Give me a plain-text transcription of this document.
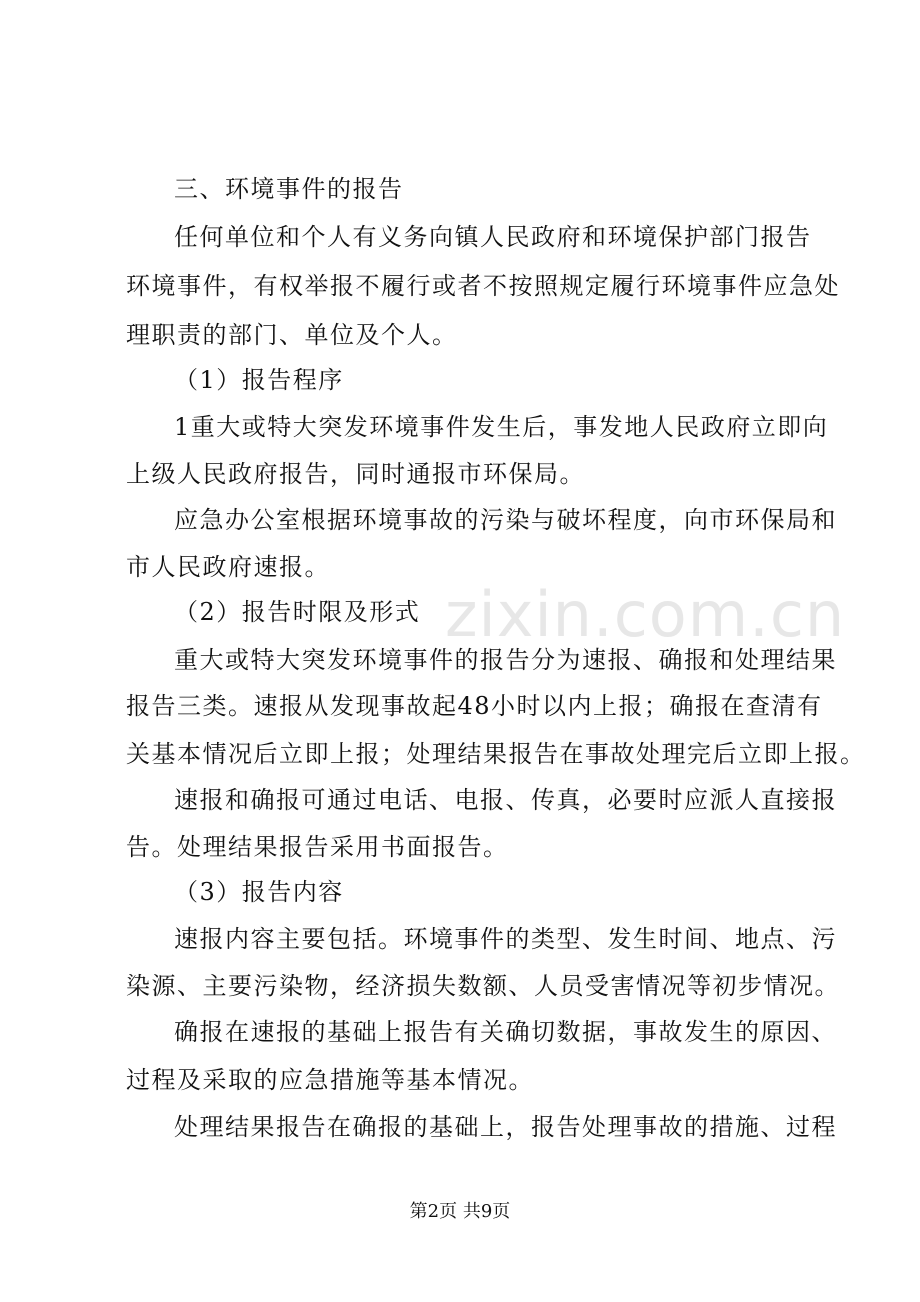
三、环境事件的报告
任何单位和个人有义务向镇人民政府和环境保护部门报告
环境事件，有权举报不履行或者不按照规定履行环境事件应急处
理职责的部门、单位及个人。
（1）报告程序
1重大或特大突发环境事件发生后，事发地人民政府立即向
上级人民政府报告，同时通报市环保局。
应急办公室根据环境事故的污染与破坏程度，向市环保局和
市人民政府速报。
（2）报告时限及形式
重大或特大突发环境事件的报告分为速报、确报和处理结果
报告三类。速报从发现事故起48小时以内上报；确报在查清有
关基本情况后立即上报；处理结果报告在事故处理完后立即上报。
速报和确报可通过电话、电报、传真，必要时应派人直接报
告。处理结果报告采用书面报告。
（3）报告内容
速报内容主要包括。环境事件的类型、发生时间、地点、污
染源、主要污染物，经济损失数额、人员受害情况等初步情况。
确报在速报的基础上报告有关确切数据，事故发生的原因、
过程及采取的应急措施等基本情况。
处理结果报告在确报的基础上，报告处理事故的措施、过程
zixin.com.cn
第2页 共9页
